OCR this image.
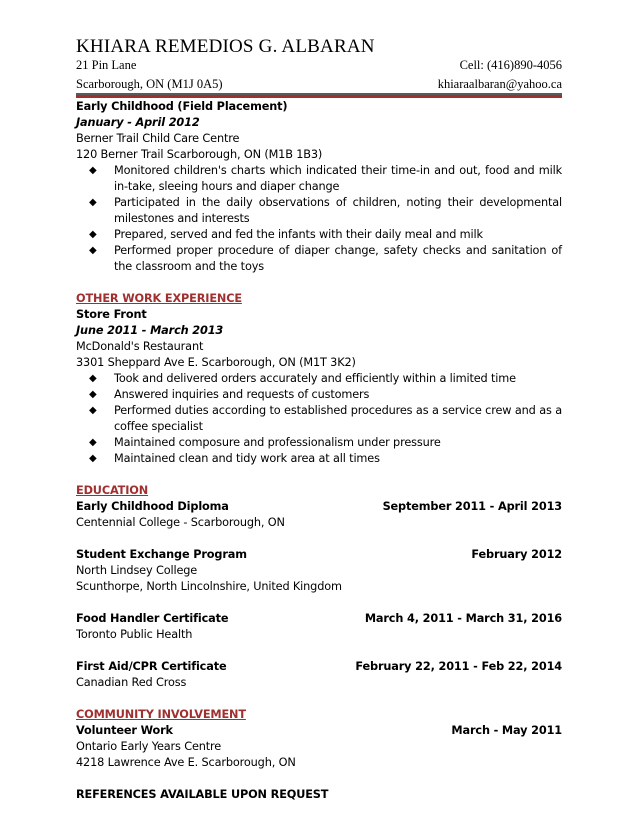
KHIARA REMEDIOS G. ALBARAN
21 Pin Lane	Cell: (416)890-4056
Scarborough, ON (M1J 0A5)	khiaraalbaran@yahoo.ca
Early Childhood (Field Placement)
January - April 2012
Berner Trail Child Care Centre
120 Berner Trail Scarborough, ON (M1B 1B3)
◆ Monitored children's charts which indicated their time-in and out, food and milk in-take, sleeing hours and diaper change
◆ Participated in the daily observations of children, noting their developmental milestones and interests
◆ Prepared, served and fed the infants with their daily meal and milk
◆ Performed proper procedure of diaper change, safety checks and sanitation of the classroom and the toys
OTHER WORK EXPERIENCE
Store Front
June 2011 - March 2013
McDonald's Restaurant
3301 Sheppard Ave E. Scarborough, ON (M1T 3K2)
◆ Took and delivered orders accurately and efficiently within a limited time
◆ Answered inquiries and requests of customers
◆ Performed duties according to established procedures as a service crew and as a coffee specialist
◆ Maintained composure and professionalism under pressure
◆ Maintained clean and tidy work area at all times
EDUCATION
Early Childhood Diploma	September 2011 - April 2013
Centennial College - Scarborough, ON
Student Exchange Program	February 2012
North Lindsey College
Scunthorpe, North Lincolnshire, United Kingdom
Food Handler Certificate	March 4, 2011 - March 31, 2016
Toronto Public Health
First Aid/CPR Certificate	February 22, 2011 - Feb 22, 2014
Canadian Red Cross
COMMUNITY INVOLVEMENT
Volunteer Work	March - May 2011
Ontario Early Years Centre
4218 Lawrence Ave E. Scarborough, ON
REFERENCES AVAILABLE UPON REQUEST
